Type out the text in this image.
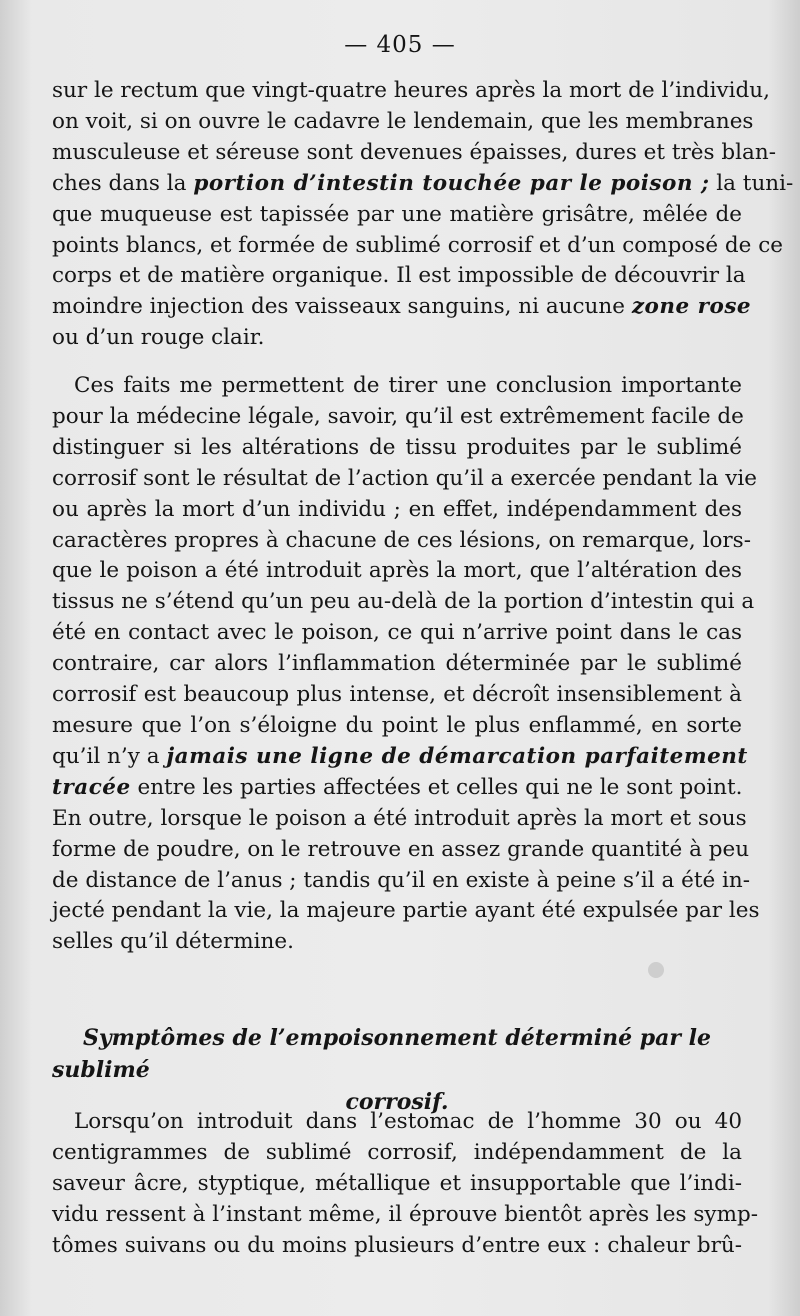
— 405 —
sur le rectum que vingt-quatre heures après la mort de l’individu,
on voit, si on ouvre le cadavre le lendemain, que les membranes
musculeuse et séreuse sont devenues épaisses, dures et très blan-
ches dans la portion d’intestin touchée par le poison ; la tuni-
que muqueuse est tapissée par une matière grisâtre, mêlée de
points blancs, et formée de sublimé corrosif et d’un composé de ce
corps et de matière organique. Il est impossible de découvrir la
moindre injection des vaisseaux sanguins, ni aucune zone rose
ou d’un rouge clair.
Ces faits me permettent de tirer une conclusion importante
pour la médecine légale, savoir, qu’il est extrêmement facile de
distinguer si les altérations de tissu produites par le sublimé
corrosif sont le résultat de l’action qu’il a exercée pendant la vie
ou après la mort d’un individu ; en effet, indépendamment des
caractères propres à chacune de ces lésions, on remarque, lors-
que le poison a été introduit après la mort, que l’altération des
tissus ne s’étend qu’un peu au-delà de la portion d’intestin qui a
été en contact avec le poison, ce qui n’arrive point dans le cas
contraire, car alors l’inflammation déterminée par le sublimé
corrosif est beaucoup plus intense, et décroît insensiblement à
mesure que l’on s’éloigne du point le plus enflammé, en sorte
qu’il n’y a jamais une ligne de démarcation parfaitement
tracée entre les parties affectées et celles qui ne le sont point.
En outre, lorsque le poison a été introduit après la mort et sous
forme de poudre, on le retrouve en assez grande quantité à peu
de distance de l’anus ; tandis qu’il en existe à peine s’il a été in-
jecté pendant la vie, la majeure partie ayant été expulsée par les
selles qu’il détermine.
Symptômes de l’empoisonnement déterminé par le sublimé
corrosif.
Lorsqu’on introduit dans l’estomac de l’homme 30 ou 40
centigrammes de sublimé corrosif, indépendamment de la
saveur âcre, styptique, métallique et insupportable que l’indi-
vidu ressent à l’instant même, il éprouve bientôt après les symp-
tômes suivans ou du moins plusieurs d’entre eux : chaleur brû-
